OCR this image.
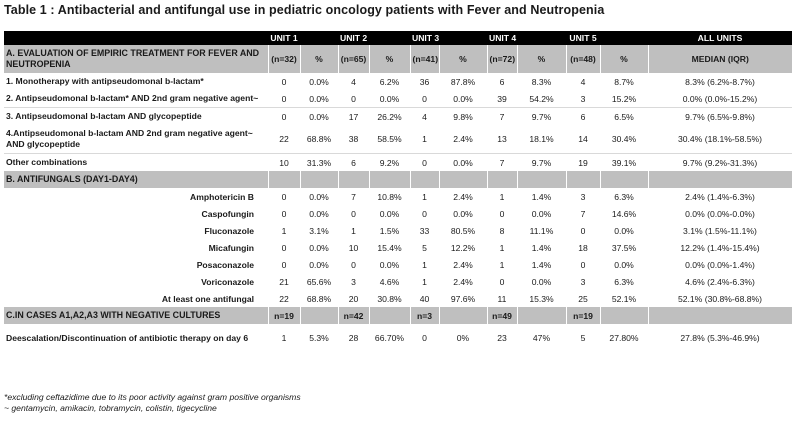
Table 1 : Antibacterial and antifungal use in pediatric oncology patients with Fever and Neutropenia
	UNIT 1		UNIT 2		UNIT 3		UNIT 4		UNIT 5		ALL UNITS
A. EVALUATION OF EMPIRIC TREATMENT FOR FEVER AND NEUTROPENIA	(n=32)	%	(n=65)	%	(n=41)	%	(n=72)	%	(n=48)	%	MEDIAN (IQR)
1. Monotherapy with antipseudomonal b-lactam*	0	0.0%	4	6.2%	36	87.8%	6	8.3%	4	8.7%	8.3% (6.2%-8.7%)
2. Antipseudomonal b-lactam* AND 2nd gram negative agent~	0	0.0%	0	0.0%	0	0.0%	39	54.2%	3	15.2%	0.0% (0.0%-15.2%)
3. Antipseudomonal b-lactam AND glycopeptide	0	0.0%	17	26.2%	4	9.8%	7	9.7%	6	6.5%	9.7% (6.5%-9.8%)
4.Antipseudomonal b-lactam AND 2nd gram negative agent~ AND glycopeptide	22	68.8%	38	58.5%	1	2.4%	13	18.1%	14	30.4%	30.4% (18.1%-58.5%)
Other combinations	10	31.3%	6	9.2%	0	0.0%	7	9.7%	19	39.1%	9.7% (9.2%-31.3%)
B. ANTIFUNGALS (DAY1-DAY4)											
Amphotericin B	0	0.0%	7	10.8%	1	2.4%	1	1.4%	3	6.3%	2.4% (1.4%-6.3%)
Caspofungin	0	0.0%	0	0.0%	0	0.0%	0	0.0%	7	14.6%	0.0% (0.0%-0.0%)
Fluconazole	1	3.1%	1	1.5%	33	80.5%	8	11.1%	0	0.0%	3.1% (1.5%-11.1%)
Micafungin	0	0.0%	10	15.4%	5	12.2%	1	1.4%	18	37.5%	12.2% (1.4%-15.4%)
Posaconazole	0	0.0%	0	0.0%	1	2.4%	1	1.4%	0	0.0%	0.0% (0.0%-1.4%)
Voriconazole	21	65.6%	3	4.6%	1	2.4%	0	0.0%	3	6.3%	4.6% (2.4%-6.3%)
At least one antifungal	22	68.8%	20	30.8%	40	97.6%	11	15.3%	25	52.1%	52.1% (30.8%-68.8%)
C.IN CASES A1,A2,A3 WITH NEGATIVE CULTURES	n=19		n=42		n=3		n=49		n=19		
Deescalation/Discontinuation of antibiotic therapy on day 6	1	5.3%	28	66.70%	0	0%	23	47%	5	27.80%	27.8% (5.3%-46.9%)
*excluding ceftazidime due to its poor activity against gram positive organisms
~ gentamycin, amikacin, tobramycin, colistin, tigecycline
